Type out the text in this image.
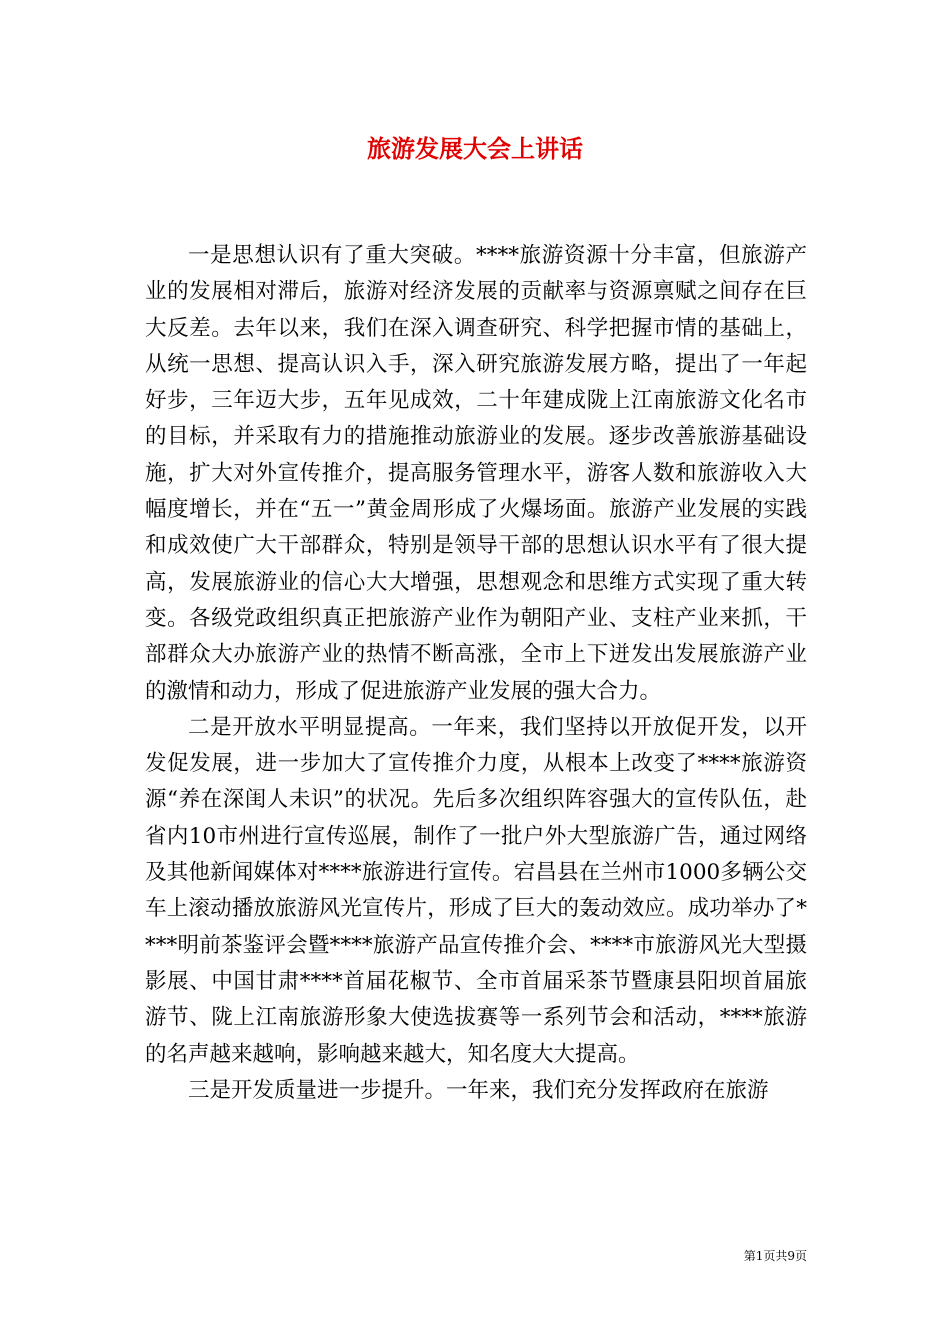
旅游发展大会上讲话

一是思想认识有了重大突破。****旅游资源十分丰富，但旅游产业的发展相对滞后，旅游对经济发展的贡献率与资源禀赋之间存在巨大反差。去年以来，我们在深入调查研究、科学把握市情的基础上，从统一思想、提高认识入手，深入研究旅游发展方略，提出了一年起好步，三年迈大步，五年见成效，二十年建成陇上江南旅游文化名市的目标，并采取有力的措施推动旅游业的发展。逐步改善旅游基础设施，扩大对外宣传推介，提高服务管理水平，游客人数和旅游收入大幅度增长，并在“五一”黄金周形成了火爆场面。旅游产业发展的实践和成效使广大干部群众，特别是领导干部的思想认识水平有了很大提高，发展旅游业的信心大大增强，思想观念和思维方式实现了重大转变。各级党政组织真正把旅游产业作为朝阳产业、支柱产业来抓，干部群众大办旅游产业的热情不断高涨，全市上下迸发出发展旅游产业的激情和动力，形成了促进旅游产业发展的强大合力。

二是开放水平明显提高。一年来，我们坚持以开放促开发，以开发促发展，进一步加大了宣传推介力度，从根本上改变了****旅游资源“养在深闺人未识”的状况。先后多次组织阵容强大的宣传队伍，赴省内10市州进行宣传巡展，制作了一批户外大型旅游广告，通过网络及其他新闻媒体对****旅游进行宣传。宕昌县在兰州市1000多辆公交车上滚动播放旅游风光宣传片，形成了巨大的轰动效应。成功举办了****明前茶鉴评会暨****旅游产品宣传推介会、****市旅游风光大型摄影展、中国甘肃****首届花椒节、全市首届采茶节暨康县阳坝首届旅游节、陇上江南旅游形象大使选拔赛等一系列节会和活动，****旅游的名声越来越响，影响越来越大，知名度大大提高。

三是开发质量进一步提升。一年来，我们充分发挥政府在旅游

第1页共9页
